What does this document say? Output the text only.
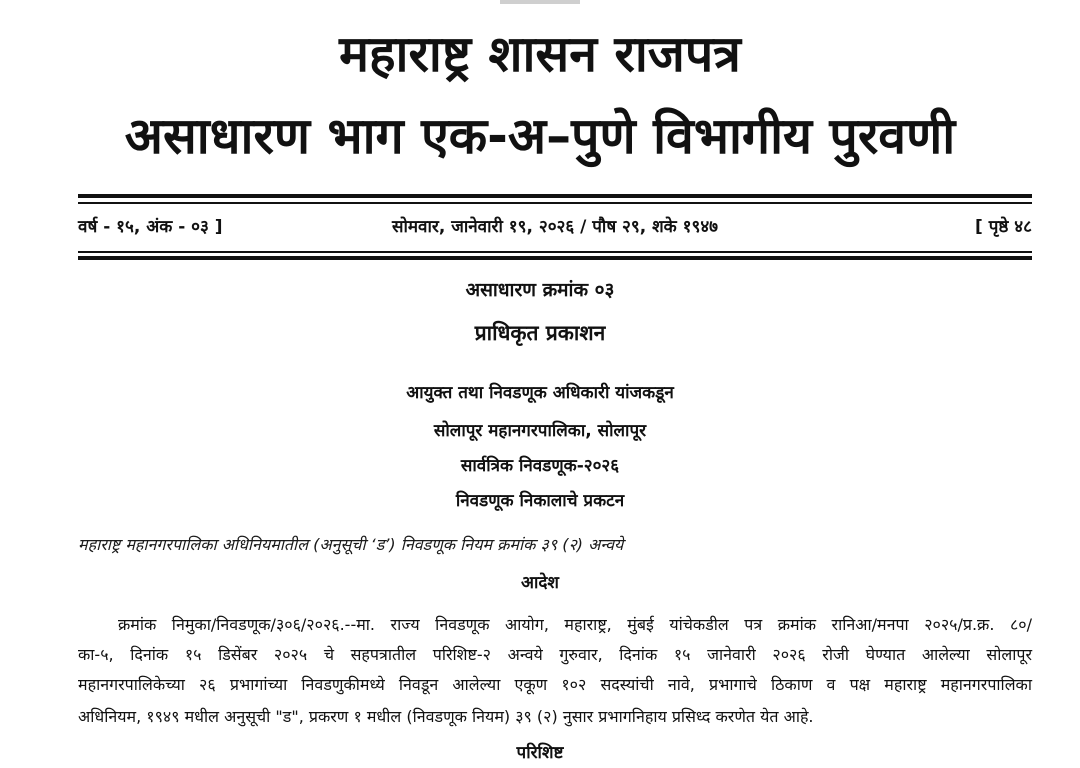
महाराष्ट्र शासन राजपत्र
असाधारण भाग एक-अ–पुणे विभागीय पुरवणी
वर्ष - १५, अंक - ०३ ]	सोमवार, जानेवारी १९, २०२६ / पौष २९, शके १९४७	[ पृष्ठे ४८
असाधारण क्रमांक ०३
प्राधिकृत प्रकाशन
आयुक्त तथा निवडणूक अधिकारी यांजकडून
सोलापूर महानगरपालिका, सोलापूर
सार्वत्रिक निवडणूक-२०२६
निवडणूक निकालाचे प्रकटन
महाराष्ट्र महानगरपालिका अधिनियमातील (अनुसूची ‘ड’) निवडणूक नियम क्रमांक ३९ (२) अन्वये
आदेश
क्रमांक निमुका/निवडणूक/३०६/२०२६.--मा. राज्य निवडणूक आयोग, महाराष्ट्र, मुंबई यांचेकडील पत्र क्रमांक रानिआ/मनपा २०२५/प्र.क्र. ८०/
का-५, दिनांक १५ डिसेंबर २०२५ चे सहपत्रातील परिशिष्ट-२ अन्वये गुरुवार, दिनांक १५ जानेवारी २०२६ रोजी घेण्यात आलेल्या सोलापूर
महानगरपालिकेच्या २६ प्रभागांच्या निवडणुकीमध्ये निवडून आलेल्या एकूण १०२ सदस्यांची नावे, प्रभागाचे ठिकाण व पक्ष महाराष्ट्र महानगरपालिका
अधिनियम, १९४९ मधील अनुसूची "ड", प्रकरण १ मधील (निवडणूक नियम) ३९ (२) नुसार प्रभागनिहाय प्रसिध्द करणेत येत आहे.
परिशिष्ट
